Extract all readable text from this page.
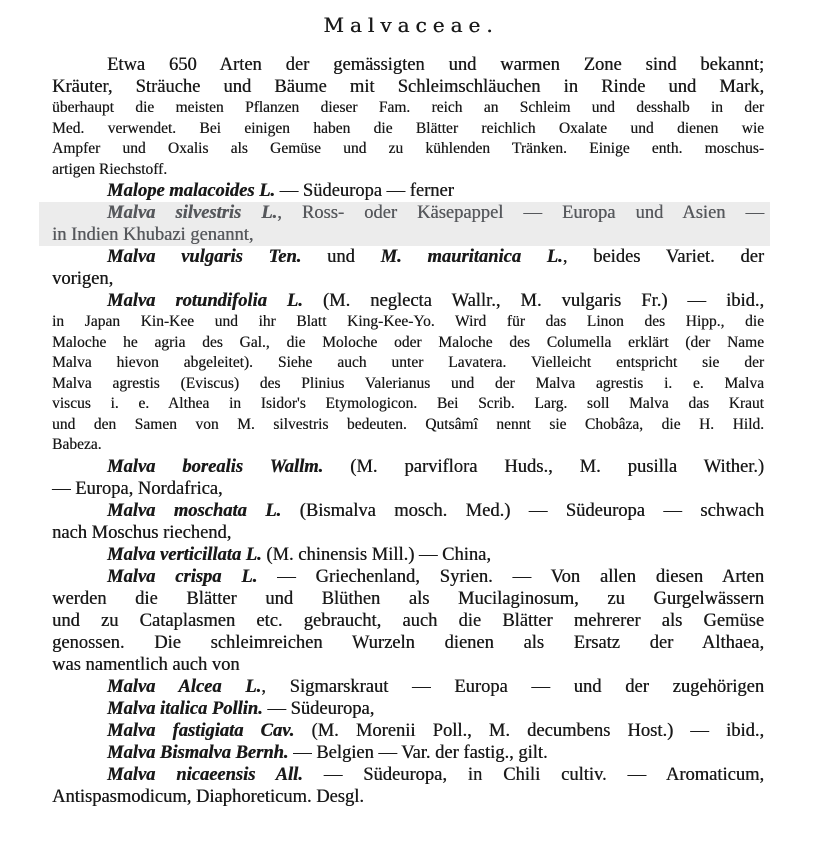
Malvaceae.
Etwa 650 Arten der gemässigten und warmen Zone sind bekannt;
Kräuter, Sträuche und Bäume mit Schleimschläuchen in Rinde und Mark,
überhaupt die meisten Pflanzen dieser Fam. reich an Schleim und desshalb in der
Med. verwendet. Bei einigen haben die Blätter reichlich Oxalate und dienen wie
Ampfer und Oxalis als Gemüse und zu kühlenden Tränken. Einige enth. moschus-
artigen Riechstoff.
Malope malacoides L. — Südeuropa — ferner
Malva silvestris L., Ross- oder Käsepappel — Europa und Asien —
in Indien Khubazi genannt,
Malva vulgaris Ten. und M. mauritanica L., beides Variet. der
vorigen,
Malva rotundifolia L. (M. neglecta Wallr., M. vulgaris Fr.) — ibid.,
in Japan Kin-Kee und ihr Blatt King-Kee-Yo. Wird für das Linon des Hipp., die
Maloche he agria des Gal., die Moloche oder Maloche des Columella erklärt (der Name
Malva hievon abgeleitet). Siehe auch unter Lavatera. Vielleicht entspricht sie der
Malva agrestis (Eviscus) des Plinius Valerianus und der Malva agrestis i. e. Malva
viscus i. e. Althea in Isidor's Etymologicon. Bei Scrib. Larg. soll Malva das Kraut
und den Samen von M. silvestris bedeuten. Qutsâmî nennt sie Chobâza, die H. Hild.
Babeza.
Malva borealis Wallm. (M. parviflora Huds., M. pusilla Wither.)
— Europa, Nordafrica,
Malva moschata L. (Bismalva mosch. Med.) — Südeuropa — schwach
nach Moschus riechend,
Malva verticillata L. (M. chinensis Mill.) — China,
Malva crispa L. — Griechenland, Syrien. — Von allen diesen Arten
werden die Blätter und Blüthen als Mucilaginosum, zu Gurgelwässern
und zu Cataplasmen etc. gebraucht, auch die Blätter mehrerer als Gemüse
genossen. Die schleimreichen Wurzeln dienen als Ersatz der Althaea,
was namentlich auch von
Malva Alcea L., Sigmarskraut — Europa — und der zugehörigen
Malva italica Pollin. — Südeuropa,
Malva fastigiata Cav. (M. Morenii Poll., M. decumbens Host.) — ibid.,
Malva Bismalva Bernh. — Belgien — Var. der fastig., gilt.
Malva nicaeensis All. — Südeuropa, in Chili cultiv. — Aromaticum,
Antispasmodicum, Diaphoreticum. Desgl.
